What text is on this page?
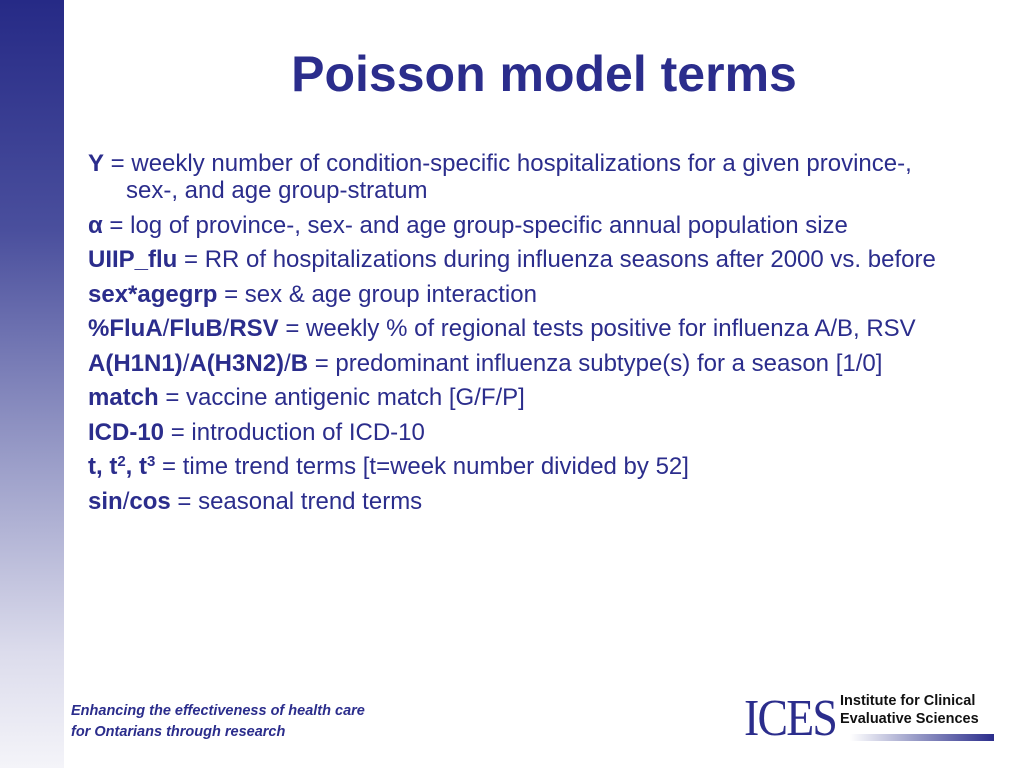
Poisson model terms
Y = weekly number of condition-specific hospitalizations for a given province-, sex-, and age group-stratum
α = log of province-, sex- and age group-specific annual population size
UIIP_flu = RR of hospitalizations during influenza seasons after 2000 vs. before
sex*agegrp = sex & age group interaction
%FluA/FluB/RSV = weekly % of regional tests positive for influenza A/B, RSV
A(H1N1)/A(H3N2)/B = predominant influenza subtype(s) for a season [1/0]
match = vaccine antigenic match [G/F/P]
ICD-10 = introduction of ICD-10
t, $t^2$, $t^3$ = time trend terms [t=week number divided by 52]
sin/cos = seasonal trend terms
Enhancing the effectiveness of health care
for Ontarians through research	ICES Institute for Clinical
Evaluative Sciences
